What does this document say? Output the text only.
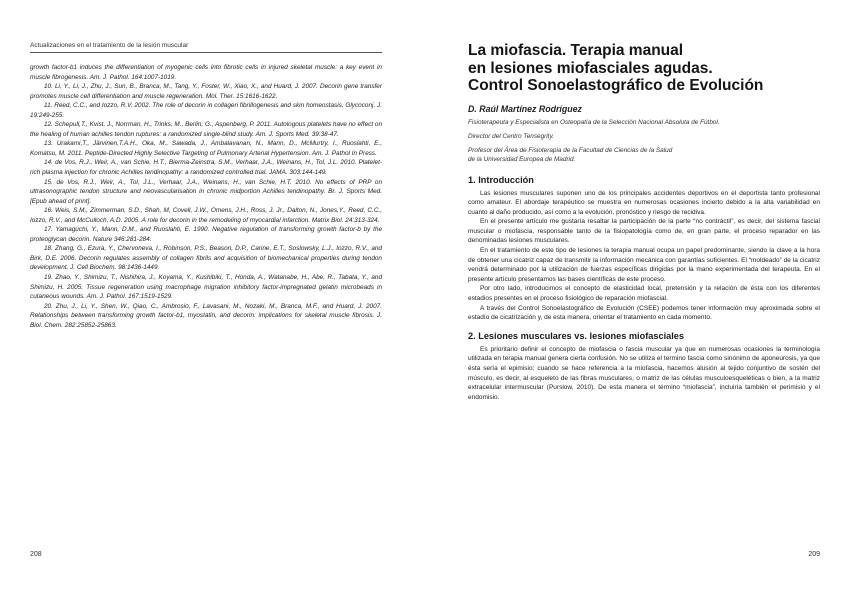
Actualizaciones en el tratamiento de la lesión muscular

growth factor-b1 induces the differentiation of myogenic cells into fibrotic cells in injured skeletal muscle: a key event in muscle fibrogenesis. Am. J. Pathol. 164:1007-1019.

10. Li, Y., Li, J., Zhu, J., Sun, B., Branca, M., Tang, Y., Foster, W., Xiao, X., and Huard, J. 2007. Decorin gene transfer promotes muscle cell differentiation and muscle regeneration. Mol. Ther. 15:1616-1622.

11. Reed, C.C., and Iozzo, R.V. 2002. The role of decorin in collagen fibrillogenesis and skin homeostasis. Glycoconj. J. 19:249-255.

12. Schepull,T., Kvist, J., Norrman, H., Trinks, M., Berlin, G., Aspenberg, P. 2011. Autologous platelets have no effect on the healing of human achilles tendon ruptures: a randomized single-blind study. Am. J. Sports Med. 39:38-47.

13. Urakami,T., Järvinen,T.A.H., Oka, M., Sawada, J., Ambalavanan, N., Mann, D., McMurtry, I., Ruoslahti, E., Komatsu, M. 2011. Peptide-Directed Highly Selective Targeting of Pulmonary Arterial Hypertension. Am. J. Pathol In Press.

14. de Vos, R.J., Weir, A., van Schie, H.T., Bierma-Zeinstra, S.M., Verhaar, J.A., Weinans, H., Tol, J.L. 2010. Platelet-rich plasma injection for chronic Achilles tendinopathy: a randomized controlled trial. JAMA. 303:144-149.

15. de Vos, R.J., Weir, A., Tol, J.L., Verhaar, J.A., Weinans, H., van Schie, H.T. 2010. No effects of PRP on ultrasonographic tendon structure and neovascularisation in chronic midportion Achilles tendinopathy. Br. J. Sports Med. [Epub ahead of print].

16. Weis, S.M., Zimmerman, S.D., Shah, M, Covell, J.W., Omens, J.H., Ross, J. Jr., Dalton, N., Jones,Y., Reed, C.C., Iozzo, R.V., and McCulloch, A.D. 2005. A role for decorin in the remodeling of myocardial infarction. Matrix Biol. 24:313-324.

17. Yamaguchi, Y., Mann, D.M., and Ruoslahti, E. 1990. Negative regulation of transforming growth factor-b by the proteoglycan decorin. Nature 346:281-284.

18. Zhang, G., Ezura, Y., Chervoneva, I., Robinson, P.S., Beason, D.P., Carine, E.T., Soslowsky, L.J., Iozzo, R.V., and Birk, D.E. 2006. Decorin regulates assembly of collagen fibrils and acquisition of biomechanical properties during tendon development. J. Cell Biochem. 98:1436-1449.

19. Zhao, Y., Shimizu, T., Nishihira, J., Koyama, Y., Kushibiki, T., Honda, A., Watanabe, H., Abe, R., Tabata, Y., and Shimizu, H. 2005. Tissue regeneration using macrophage migration inhibitory factor-impregnated gelatin microbeads in cutaneous wounds. Am. J. Pathol. 167:1519-1529.

20. Zhu, J., Li, Y., Shen, W., Qiao, C., Ambrosio, F., Lavasani, M., Nozaki, M., Branca, M.F., and Huard, J. 2007. Relationships between transforming growth factor-b1, myostatin, and decorin: implications for skeletal muscle fibrosis. J. Biol. Chem. 282:25852-25863.

208
La miofascia. Terapia manual
en lesiones miofasciales agudas.
Control Sonoelastográfico de Evolución
D. Raúl Martínez Rodríguez
Fisioterapeuta y Especialista en Osteopatía de la Selección Nacional Absoluta de Fútbol.
Director del Centro Tensegrity.
Profesor del Área de Fisioterapia de la Facultad de Ciencias de la Salud
de la Universidad Europea de Madrid.
1. Introducción

Las lesiones musculares suponen uno de los principales accidentes deportivos en el deportista tanto profesional como amateur. El abordaje terapéutico se muestra en numerosas ocasiones incierto debido a la alta variabilidad en cuanto al daño producido, así como a la evolución, pronóstico y riesgo de recidiva.

En el presente artículo me gustaría resaltar la participación de la parte “no contráctil”, es decir, del sistema fascial muscular o miofascia, responsable tanto de la fisiopatología como de, en gran parte, el proceso reparador en las denominadas lesiones musculares.

En el tratamiento de este tipo de lesiones la terapia manual ocupa un papel predominante, siendo la clave a la hora de obtener una cicatriz capaz de transmitir la información mecánica con garantías suficientes. El “moldeado” de la cicatriz vendrá determinado por la utilización de fuerzas específicas dirigidas por la mano experimentada del terapeuta. En el presente artículo presentamos las bases científicas de este proceso.

Por otro lado, introducimos el concepto de elasticidad local, pretensión y la relación de ésta con los diferentes estadios presentes en el proceso fisiológico de reparación miofascial.

A través del Control Sonoelastográfico de Evolución (CSEE) podemos tener información muy aproximada sobre el estadío de cicatrización y, de esta manera, orientar el tratamiento en cada momento.

2. Lesiones musculares vs. lesiones miofasciales

Es prioritario definir el concepto de miofascia o fascia muscular ya que en numerosas ocasiones la terminología utilizada en terapia manual genera cierta confusión. No se utiliza el termino fascia como sinónimo de aponeurosis, ya que ésta sería el epimisio; cuando se hace referencia a la miofascia, hacemos alusión al tejido conjuntivo de sostén del músculo, es decir, al esqueleto de las fibras musculares, o matriz de las células musculoesqueléticas o bien, a la matriz extracelular intermuscular (Purslow, 2010). De esta manera el término “miofascia”, incluiría también el perimisio y el endomisio.

209
